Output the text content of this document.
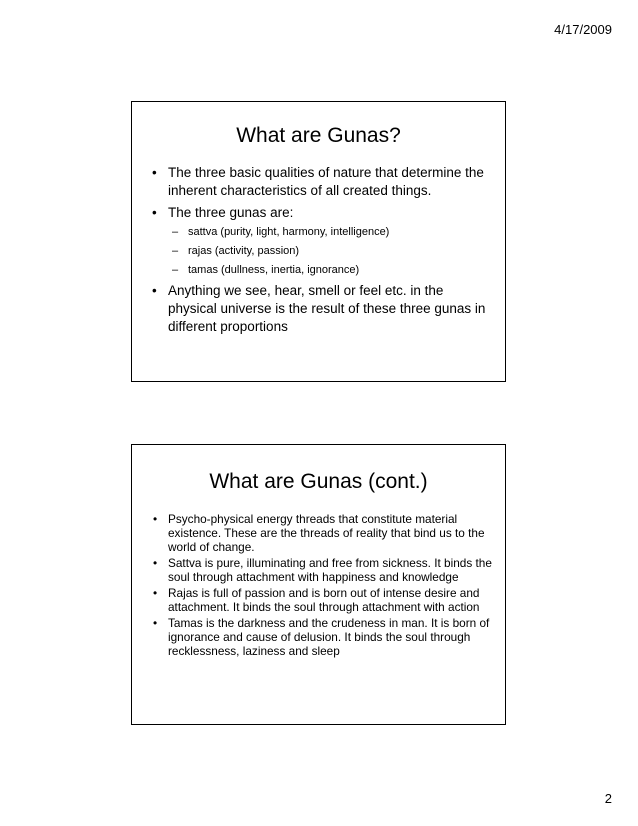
4/17/2009
What are Gunas?
• The three basic qualities of nature that determine the inherent characteristics of all created things.
• The three gunas are:
– sattva (purity, light, harmony, intelligence)
– rajas (activity, passion)
– tamas (dullness, inertia, ignorance)
• Anything we see, hear, smell or feel etc. in the physical universe is the result of these three gunas in different proportions
What are Gunas (cont.)
• Psycho-physical energy threads that constitute material existence. These are the threads of reality that bind us to the world of change.
• Sattva is pure, illuminating and free from sickness. It binds the soul through attachment with happiness and knowledge
• Rajas is full of passion and is born out of intense desire and attachment. It binds the soul through attachment with action
• Tamas is the darkness and the crudeness in man. It is born of ignorance and cause of delusion. It binds the soul through recklessness, laziness and sleep
2
